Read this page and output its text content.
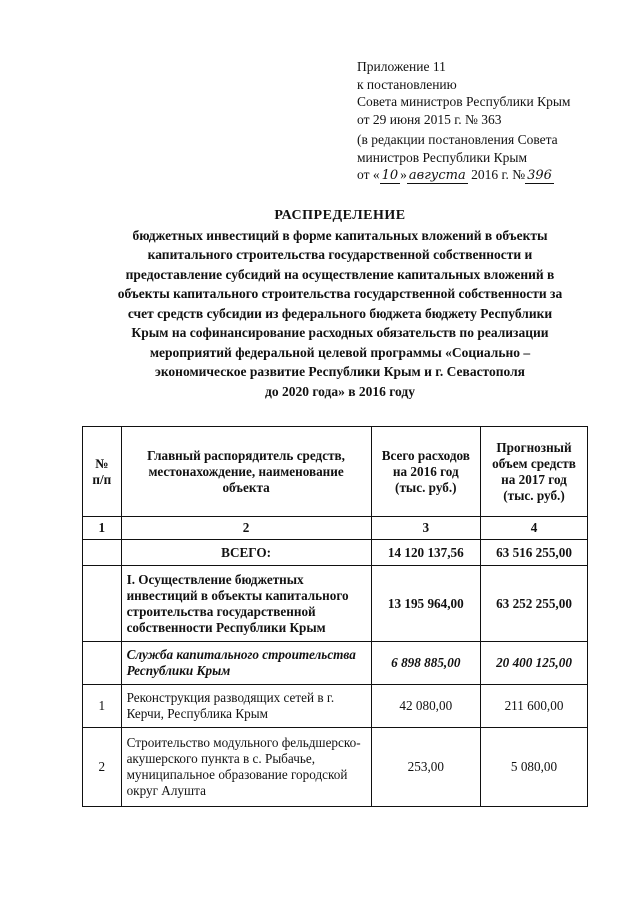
Приложение 11
к постановлению
Совета министров Республики Крым
от 29 июня 2015 г. № 363
(в редакции постановления Совета
министров Республики Крым
от « 10 » августа 2016 г. № 396
РАСПРЕДЕЛЕНИЕ
бюджетных инвестиций в форме капитальных вложений в объекты
капитального строительства государственной собственности и
предоставление субсидий на осуществление капитальных вложений в
объекты капитального строительства государственной собственности за
счет средств субсидии из федерального бюджета бюджету Республики
Крым на софинансирование расходных обязательств по реализации
мероприятий федеральной целевой программы «Социально –
экономическое развитие Республики Крым и г. Севастополя
до 2020 года» в 2016 году
№ п/п	Главный распорядитель средств, местонахождение, наименование объекта	Всего расходов на 2016 год (тыс. руб.)	Прогнозный объем средств на 2017 год (тыс. руб.)
1	2	3	4
	ВСЕГО:	14 120 137,56	63 516 255,00
	I. Осуществление бюджетных инвестиций в объекты капитального строительства государственной собственности Республики Крым	13 195 964,00	63 252 255,00
	Служба капитального строительства Республики Крым	6 898 885,00	20 400 125,00
1	Реконструкция разводящих сетей в г. Керчи, Республика Крым	42 080,00	211 600,00
2	Строительство модульного фельдшерско-акушерского пункта в с. Рыбачье, муниципальное образование городской округ Алушта	253,00	5 080,00
